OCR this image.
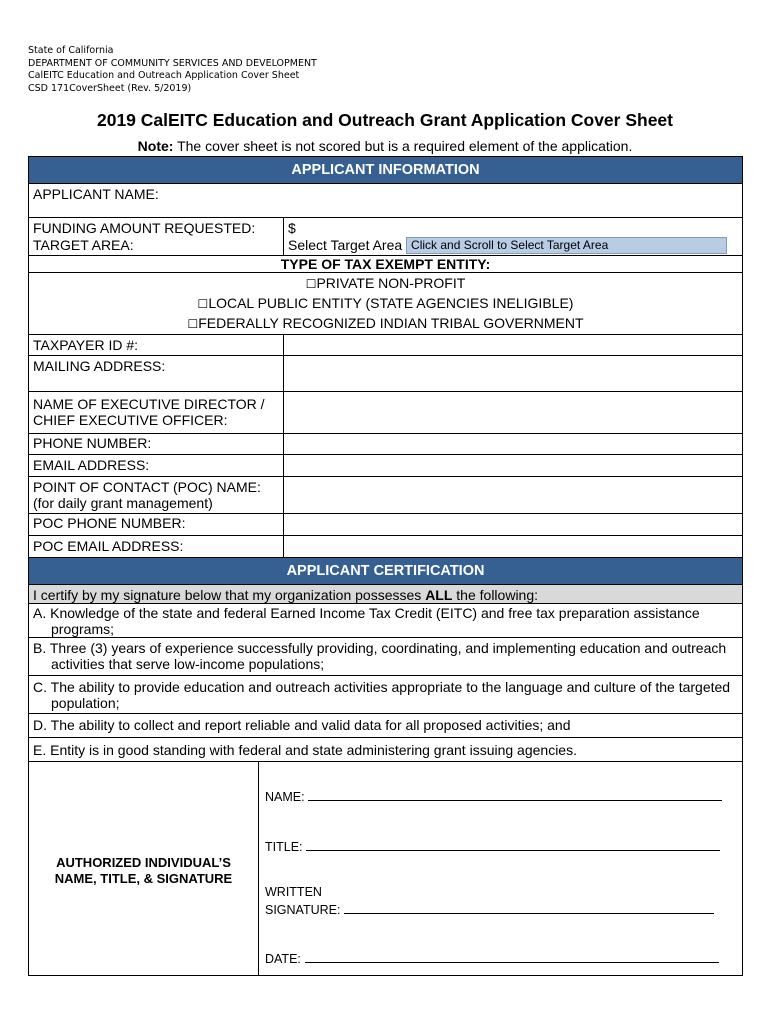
State of California
DEPARTMENT OF COMMUNITY SERVICES AND DEVELOPMENT
CalEITC Education and Outreach Application Cover Sheet
CSD 171CoverSheet (Rev. 5/2019)
2019 CalEITC Education and Outreach Grant Application Cover Sheet
Note: The cover sheet is not scored but is a required element of the application.
APPLICANT INFORMATION	

APPLICANT NAME:	

FUNDING AMOUNT REQUESTED:	$
TARGET AREA:	Select Target Area Click and Scroll to Select Target Area
TYPE OF TAX EXEMPT ENTITY:	

☐PRIVATE NON-PROFIT
☐LOCAL PUBLIC ENTITY (STATE AGENCIES INELIGIBLE)
☐FEDERALLY RECOGNIZED INDIAN TRIBAL GOVERNMENT	

TAXPAYER ID #:	
MAILING ADDRESS:	

NAME OF EXECUTIVE DIRECTOR /
CHIEF EXECUTIVE OFFICER:	

PHONE NUMBER:	
EMAIL ADDRESS:	

POINT OF CONTACT (POC) NAME:
(for daily grant management)	

POC PHONE NUMBER:	
POC EMAIL ADDRESS:	
APPLICANT CERTIFICATION
I certify by my signature below that my organization possesses ALL the following:
A. Knowledge of the state and federal Earned Income Tax Credit (EITC) and free tax preparation assistance programs;
B. Three (3) years of experience successfully providing, coordinating, and implementing education and outreach activities that serve low-income populations;
C. The ability to provide education and outreach activities appropriate to the language and culture of the targeted population;
D. The ability to collect and report reliable and valid data for all proposed activities; and
E. Entity is in good standing with federal and state administering grant issuing agencies.

AUTHORIZED INDIVIDUAL’S
NAME, TITLE, & SIGNATURE

NAME:
TITLE:
WRITTEN
SIGNATURE:
DATE:
